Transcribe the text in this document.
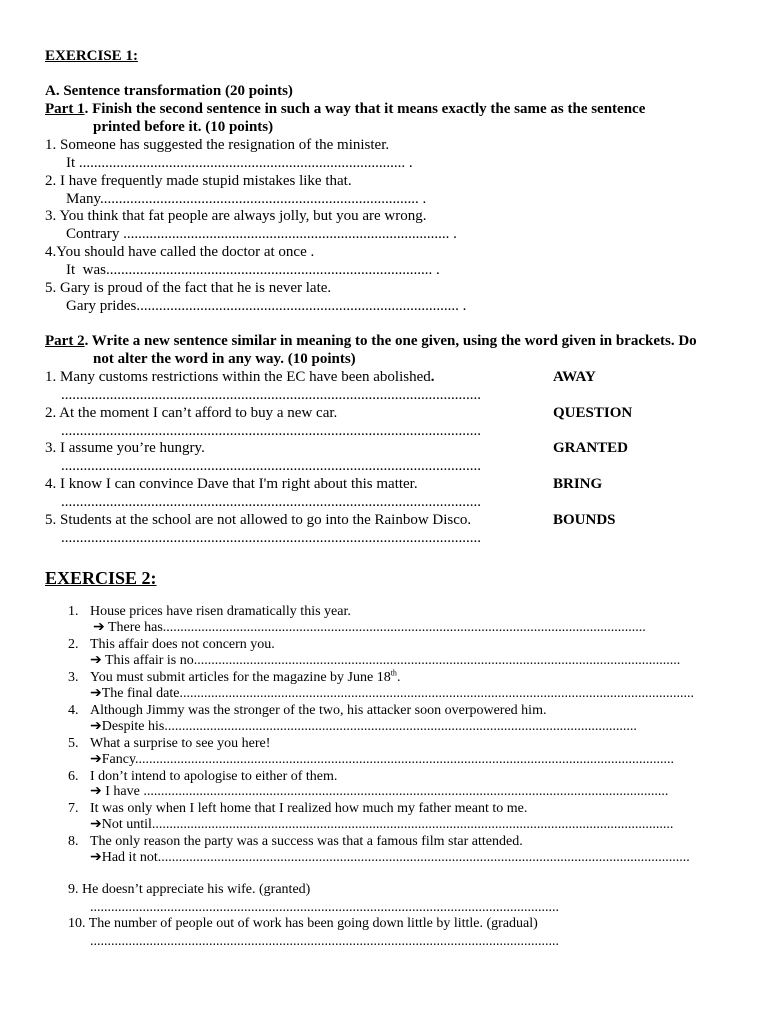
EXERCISE 1:
A. Sentence transformation (20 points)
Part 1. Finish the second sentence in such a way that it means exactly the same as the sentence
printed before it. (10 points)
1. Someone has suggested the resignation of the minister.
It ....................................................................................... .
2. I have frequently made stupid mistakes like that.
Many..................................................................................... .
3. You think that fat people are always jolly, but you are wrong.
Contrary ....................................................................................... .
4.You should have called the doctor at once .
It  was....................................................................................... .
5. Gary is proud of the fact that he is never late.
Gary prides...................................................................................... .
Part 2. Write a new sentence similar in meaning to the one given, using the word given in brackets. Do
not alter the word in any way. (10 points)
1. Many customs restrictions within the EC have been abolished.	AWAY
................................................................................................................
2. At the moment I can’t afford to buy a new car.	QUESTION
................................................................................................................
3. I assume you’re hungry.	GRANTED
................................................................................................................
4. I know I can convince Dave that I'm right about this matter.	BRING
................................................................................................................
5. Students at the school are not allowed to go into the Rainbow Disco.	BOUNDS
................................................................................................................
EXERCISE 2:
1. House prices have risen dramatically this year.
➔ There has..........................................................................................................................................
2. This affair does not concern you.
➔ This affair is no...........................................................................................................................................
3. You must submit articles for the magazine by June 18th.
➔The final date...................................................................................................................................................
4. Although Jimmy was the stronger of the two, his attacker soon overpowered him.
➔Despite his.......................................................................................................................................
5. What a surprise to see you here!
➔Fancy..........................................................................................................................................................
6. I don’t intend to apologise to either of them.
➔ I have ......................................................................................................................................................
7. It was only when I left home that I realized how much my father meant to me.
➔Not until.....................................................................................................................................................
8. The only reason the party was a success was that a famous film star attended.
➔Had it not........................................................................................................................................................
9. He doesn’t appreciate his wife. (granted)
......................................................................................................................................
10. The number of people out of work has been going down little by little. (gradual)
......................................................................................................................................
